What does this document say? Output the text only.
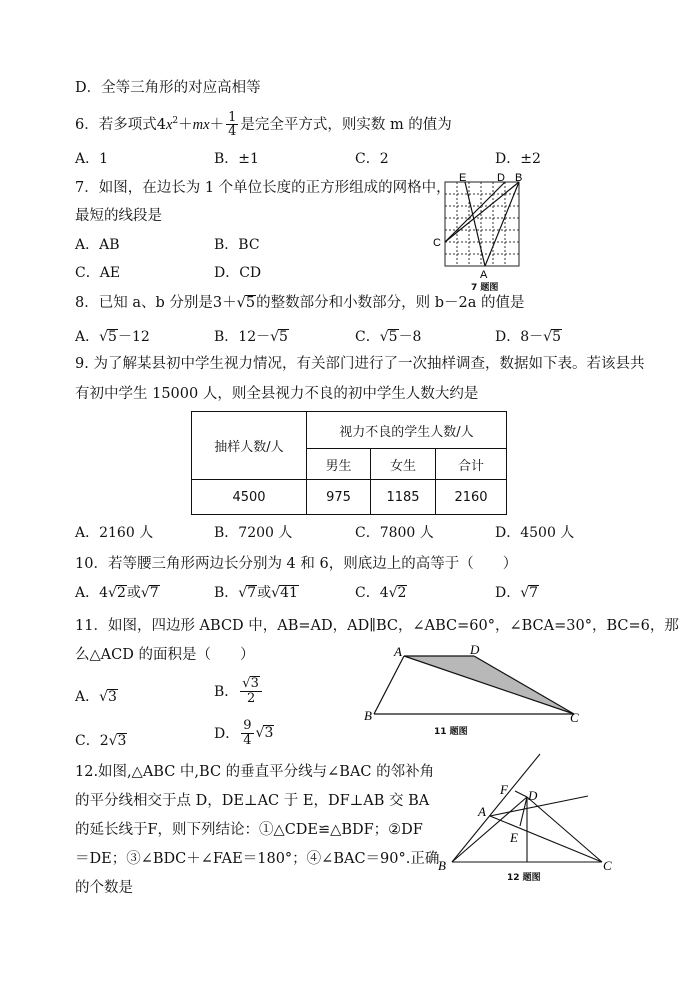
D．全等三角形的对应高相等
6．若多项式$4x^2+mx+ \frac{1}{4}$ 是完全平方式，则实数 m 的值为
A．1	B．±1	C．2	D．±2
7．如图，在边长为 1 个单位长度的正方形组成的网格中，
最短的线段是
A．AB	B．BC
C．AE	D．CD
E	D B
C
A
7 题图
8．已知 a、b 分别是3＋√5的整数部分和小数部分，则 b－2a 的值是
A．√5－12	B．12－√5	C．√5－8	D．8－√5
9. 为了解某县初中学生视力情况，有关部门进行了一次抽样调查，数据如下表。若该县共
有初中学生 15000 人，则全县视力不良的初中学生人数大约是
抽样人数/人	视力不良的学生人数/人		
	男生	女生	合计
4500	975	1185	2160
A．2160 人	B．7200 人	C．7800 人	D．4500 人
10．若等腰三角形两边长分别为 4 和 6，则底边上的高等于（　　）
A．4√2或√7	B．√7或√41	C．4√2	D．√7
11．如图，四边形 ABCD 中，AB=AD，AD∥BC，∠ABC=60°，∠BCA=30°，BC=6，那
么△ACD 的面积是（　　）
A．√3	B． $\frac{√3}{2}$
C．2√3	D． $\frac{9}{4} √3$
A	D
B	C
11 题图
12.如图,△ABC 中,BC 的垂直平分线与∠BAC 的邻补角
的平分线相交于点 D，DE⊥AC 于 E，DF⊥AB 交 BA
的延长线于F，则下列结论：①△CDE≌△BDF；②DF
＝DE；③∠BDC＋∠FAE＝180°；④∠BAC＝90°.正确
的个数是
F
A
D
E
B	C
12 题图
